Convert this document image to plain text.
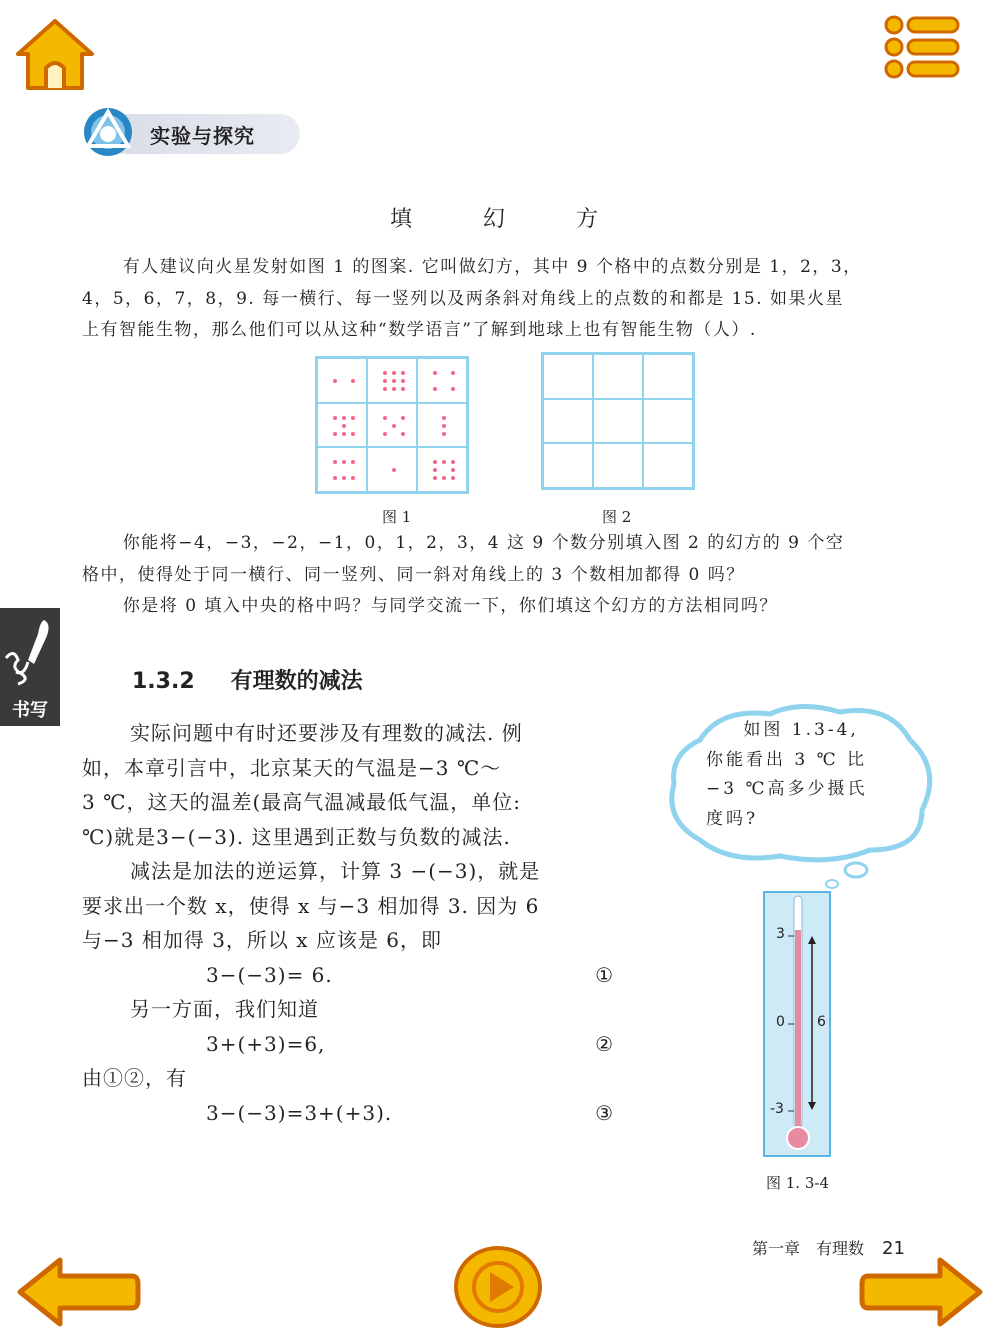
实验与探究
填 幻 方
有人建议向火星发射如图 1 的图案. 它叫做幻方，其中 9 个格中的点数分别是 1，2，3，
4，5，6，7，8，9. 每一横行、每一竖列以及两条斜对角线上的点数的和都是 15. 如果火星
上有智能生物，那么他们可以从这种“数学语言”了解到地球上也有智能生物（人）.
图 1	图 2
你能将−4，−3，−2，−1，0，1，2，3，4 这 9 个数分别填入图 2 的幻方的 9 个空
格中，使得处于同一横行、同一竖列、同一斜对角线上的 3 个数相加都得 0 吗？
你是将 0 填入中央的格中吗？与同学交流一下，你们填这个幻方的方法相同吗？
书写
1.3.2 有理数的减法
实际问题中有时还要涉及有理数的减法. 例
如，本章引言中，北京某天的气温是−3 ℃～
3 ℃，这天的温差(最高气温减最低气温，单位:
℃)就是3−(−3). 这里遇到正数与负数的减法.
减法是加法的逆运算，计算 3 −(−3)，就是
要求出一个数 x，使得 x 与−3 相加得 3. 因为 6
与−3 相加得 3，所以 x 应该是 6，即
3−(−3)= 6.	①
另一方面，我们知道
3+(+3)=6,	②
由①②，有
3−(−3)=3+(+3).	③
如图 1.3-4,
你能看出 3 ℃ 比
−3 ℃高多少摄氏
度吗?
3
0
-3
6
图 1. 3-4
第一章　有理数 21
